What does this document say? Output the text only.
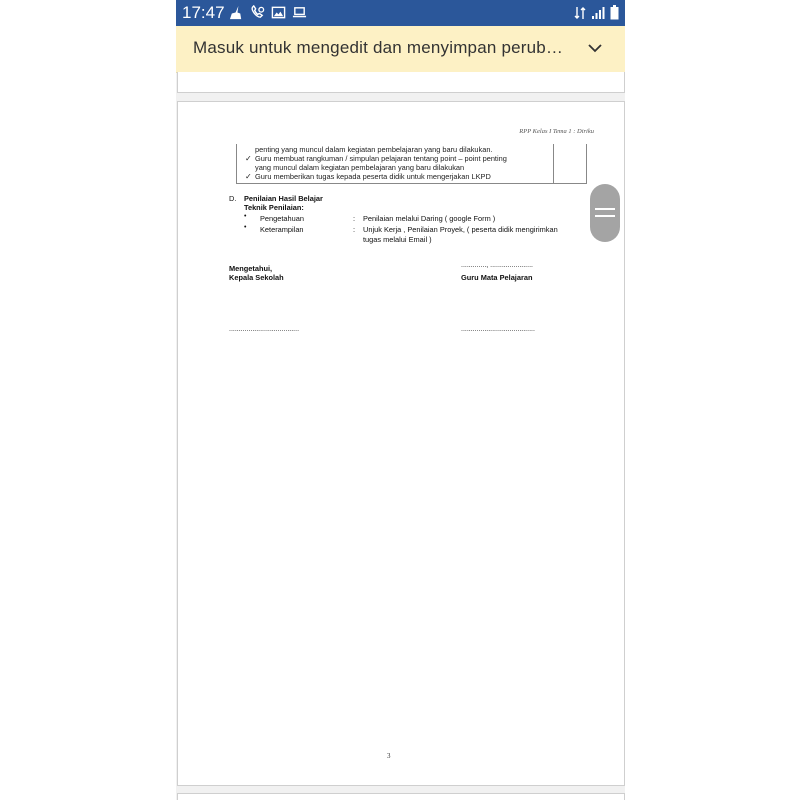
17:47
Masuk untuk mengedit dan menyimpan perub…
RPP Kelas I Tema 1 : Diriku
penting yang muncul dalam kegiatan pembelajaran yang baru dilakukan.
✓ Guru membuat rangkuman / simpulan pelajaran tentang point – point penting
yang muncul dalam kegiatan pembelajaran yang baru dilakukan
✓ Guru memberikan tugas kepada peserta didik untuk mengerjakan LKPD
D. Penilaian Hasil Belajar
Teknik Penilaian:
• Pengetahuan	: Penilaian melalui Daring ( google Form )
• Keterampilan	: Unjuk Kerja , Penilaian Proyek, ( peserta didik mengirimkan
tugas melalui Email )
Mengetahui,
Kepala Sekolah
............., ......................
Guru Mata Pelajaran
....................................	......................................
3
